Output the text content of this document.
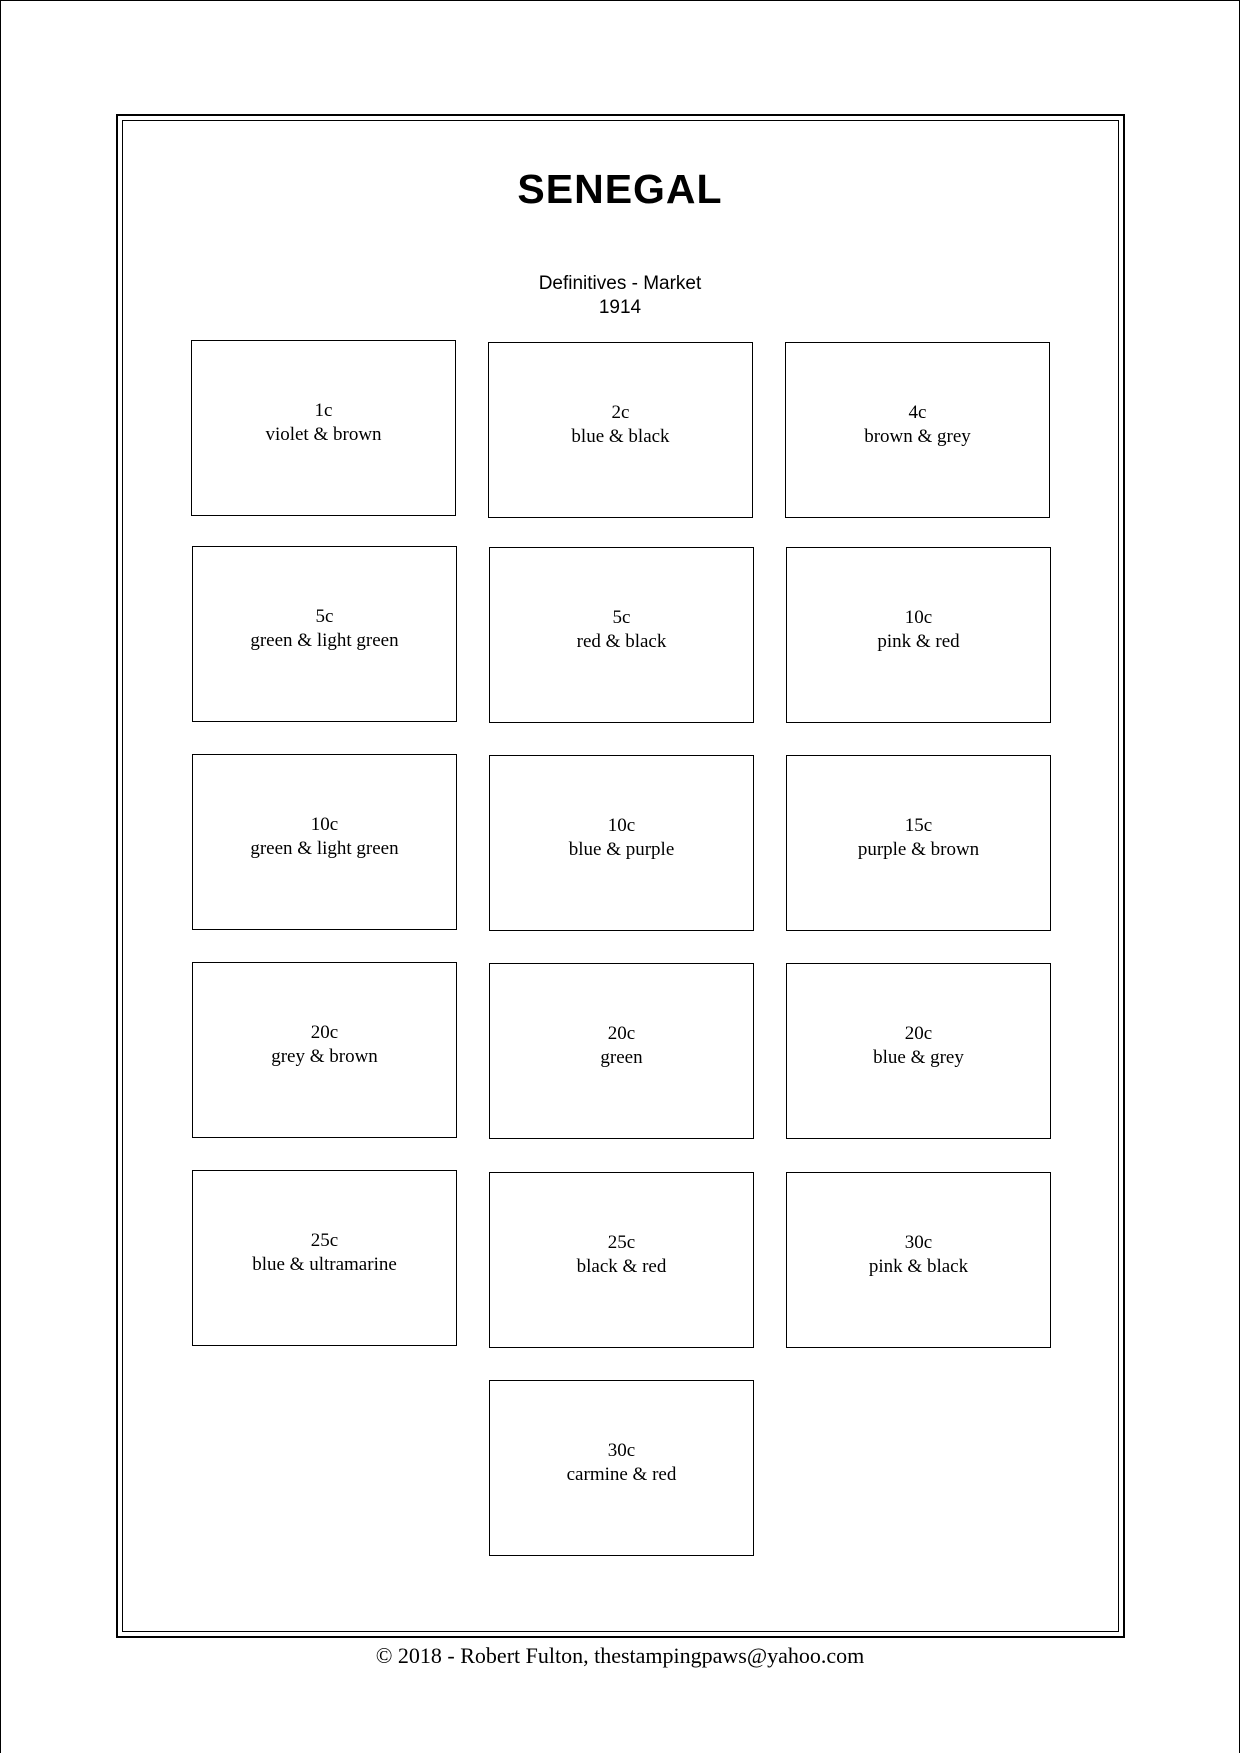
SENEGAL
Definitives - Market
1914
1c
violet & brown
2c
blue & black
4c
brown & grey
5c
green & light green
5c
red & black
10c
pink & red
10c
green & light green
10c
blue & purple
15c
purple & brown
20c
grey & brown
20c
green
20c
blue & grey
25c
blue & ultramarine
25c
black & red
30c
pink & black
30c
carmine & red
© 2018 - Robert Fulton, thestampingpaws@yahoo.com
